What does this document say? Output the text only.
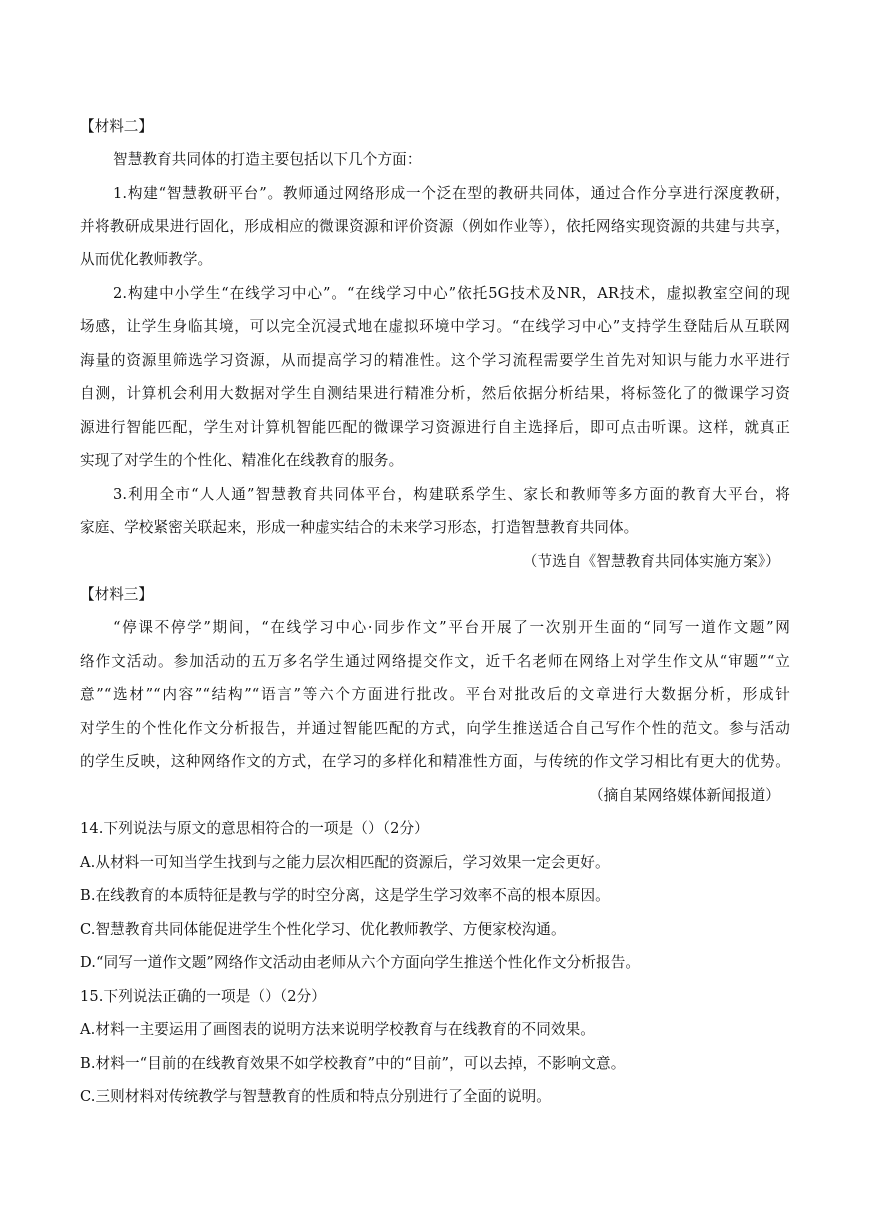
【材料二】
智慧教育共同体的打造主要包括以下几个方面：
1.构建“智慧教研平台”。教师通过网络形成一个泛在型的教研共同体，通过合作分享进行深度教研，
并将教研成果进行固化，形成相应的微课资源和评价资源（例如作业等），依托网络实现资源的共建与共享，
从而优化教师教学。
2.构建中小学生“在线学习中心”。“在线学习中心”依托5G技术及NR，AR技术，虚拟教室空间的现
场感，让学生身临其境，可以完全沉浸式地在虚拟环境中学习。“在线学习中心”支持学生登陆后从互联网
海量的资源里筛选学习资源，从而提高学习的精准性。这个学习流程需要学生首先对知识与能力水平进行
自测，计算机会利用大数据对学生自测结果进行精准分析，然后依据分析结果，将标签化了的微课学习资
源进行智能匹配，学生对计算机智能匹配的微课学习资源进行自主选择后，即可点击听课。这样，就真正
实现了对学生的个性化、精准化在线教育的服务。
3.利用全市“人人通”智慧教育共同体平台，构建联系学生、家长和教师等多方面的教育大平台，将
家庭、学校紧密关联起来，形成一种虚实结合的未来学习形态，打造智慧教育共同体。
（节选自《智慧教育共同体实施方案》）
【材料三】
“停课不停学”期间，“在线学习中心·同步作文”平台开展了一次别开生面的“同写一道作文题”网
络作文活动。参加活动的五万多名学生通过网络提交作文，近千名老师在网络上对学生作文从“审题”“立
意”“选材”“内容”“结构”“语言”等六个方面进行批改。平台对批改后的文章进行大数据分析，形成针
对学生的个性化作文分析报告，并通过智能匹配的方式，向学生推送适合自己写作个性的范文。参与活动
的学生反映，这种网络作文的方式，在学习的多样化和精准性方面，与传统的作文学习相比有更大的优势。
（摘自某网络媒体新闻报道）
14.下列说法与原文的意思相符合的一项是（）（2分）
A.从材料一可知当学生找到与之能力层次相匹配的资源后，学习效果一定会更好。
B.在线教育的本质特征是教与学的时空分离，这是学生学习效率不高的根本原因。
C.智慧教育共同体能促进学生个性化学习、优化教师教学、方便家校沟通。
D.“同写一道作文题”网络作文活动由老师从六个方面向学生推送个性化作文分析报告。
15.下列说法正确的一项是（）（2分）
A.材料一主要运用了画图表的说明方法来说明学校教育与在线教育的不同效果。
B.材料一“目前的在线教育效果不如学校教育”中的“目前”，可以去掉，不影响文意。
C.三则材料对传统教学与智慧教育的性质和特点分别进行了全面的说明。
